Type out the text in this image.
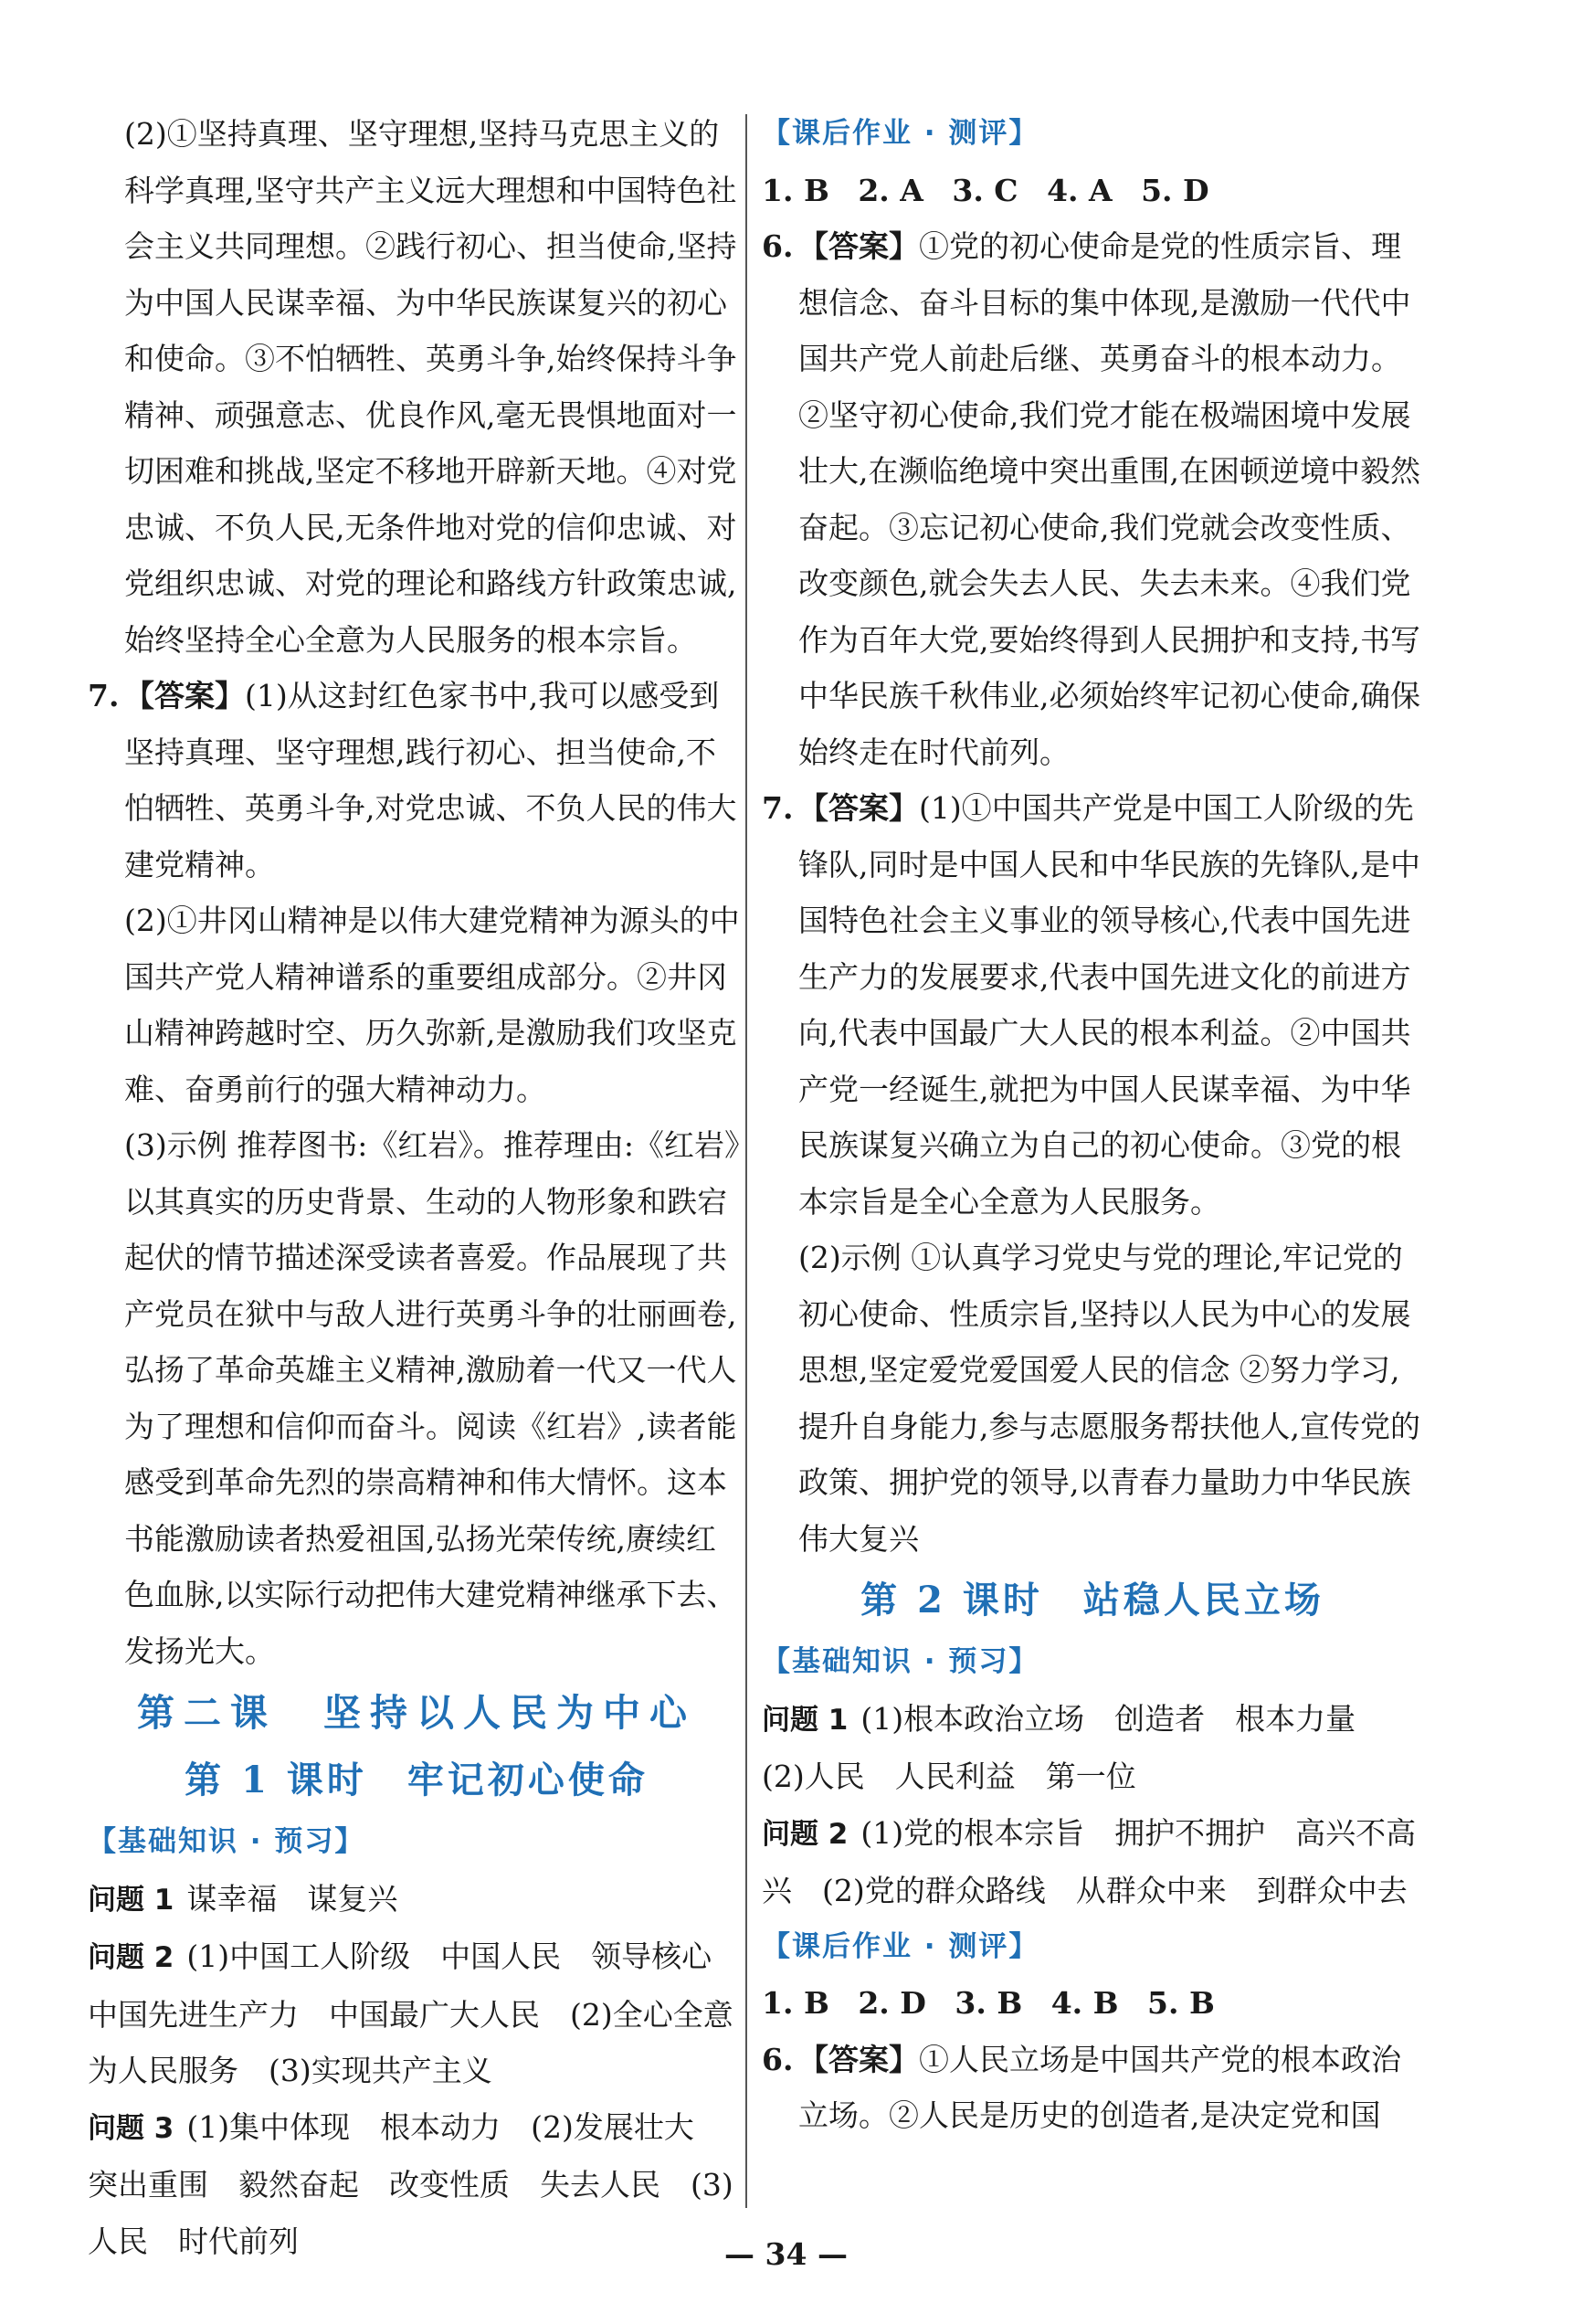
(2)①坚持真理、坚守理想,坚持马克思主义的科学真理,坚守共产主义远大理想和中国特色社会主义共同理想。②践行初心、担当使命,坚持为中国人民谋幸福、为中华民族谋复兴的初心和使命。③不怕牺牲、英勇斗争,始终保持斗争精神、顽强意志、优良作风,毫无畏惧地面对一切困难和挑战,坚定不移地开辟新天地。④对党忠诚、不负人民,无条件地对党的信仰忠诚、对党组织忠诚、对党的理论和路线方针政策忠诚,始终坚持全心全意为人民服务的根本宗旨。
7. 【答案】(1)从这封红色家书中,我可以感受到坚持真理、坚守理想,践行初心、担当使命,不怕牺牲、英勇斗争,对党忠诚、不负人民的伟大建党精神。
(2)①井冈山精神是以伟大建党精神为源头的中国共产党人精神谱系的重要组成部分。②井冈山精神跨越时空、历久弥新,是激励我们攻坚克难、奋勇前行的强大精神动力。
(3)示例 推荐图书:《红岩》。推荐理由:《红岩》以其真实的历史背景、生动的人物形象和跌宕起伏的情节描述深受读者喜爱。作品展现了共产党员在狱中与敌人进行英勇斗争的壮丽画卷,弘扬了革命英雄主义精神,激励着一代又一代人为了理想和信仰而奋斗。阅读《红岩》,读者能感受到革命先烈的崇高精神和伟大情怀。这本书能激励读者热爱祖国,弘扬光荣传统,赓续红色血脉,以实际行动把伟大建党精神继承下去、发扬光大。
第二课　坚持以人民为中心
第 1 课时　牢记初心使命
【基础知识 · 预习】
问题 1 谋幸福　谋复兴
问题 2 (1)中国工人阶级　中国人民　领导核心　中国先进生产力　中国最广大人民　(2)全心全意为人民服务　(3)实现共产主义
问题 3 (1)集中体现　根本动力　(2)发展壮大　突出重围　毅然奋起　改变性质　失去人民　(3)人民　时代前列
【课后作业 · 测评】
1. B 2. A 3. C 4. A 5. D
6. 【答案】①党的初心使命是党的性质宗旨、理想信念、奋斗目标的集中体现,是激励一代代中国共产党人前赴后继、英勇奋斗的根本动力。②坚守初心使命,我们党才能在极端困境中发展壮大,在濒临绝境中突出重围,在困顿逆境中毅然奋起。③忘记初心使命,我们党就会改变性质、改变颜色,就会失去人民、失去未来。④我们党作为百年大党,要始终得到人民拥护和支持,书写中华民族千秋伟业,必须始终牢记初心使命,确保始终走在时代前列。
7. 【答案】(1)①中国共产党是中国工人阶级的先锋队,同时是中国人民和中华民族的先锋队,是中国特色社会主义事业的领导核心,代表中国先进生产力的发展要求,代表中国先进文化的前进方向,代表中国最广大人民的根本利益。②中国共产党一经诞生,就把为中国人民谋幸福、为中华民族谋复兴确立为自己的初心使命。③党的根本宗旨是全心全意为人民服务。
(2)示例 ①认真学习党史与党的理论,牢记党的初心使命、性质宗旨,坚持以人民为中心的发展思想,坚定爱党爱国爱人民的信念 ②努力学习,提升自身能力,参与志愿服务帮扶他人,宣传党的政策、拥护党的领导,以青春力量助力中华民族伟大复兴
第 2 课时　站稳人民立场
【基础知识 · 预习】
问题 1 (1)根本政治立场　创造者　根本力量　(2)人民　人民利益　第一位
问题 2 (1)党的根本宗旨　拥护不拥护　高兴不高兴　(2)党的群众路线　从群众中来　到群众中去
【课后作业 · 测评】
1. B 2. D 3. B 4. B 5. B
6. 【答案】①人民立场是中国共产党的根本政治立场。②人民是历史的创造者,是决定党和国
— 34 —
